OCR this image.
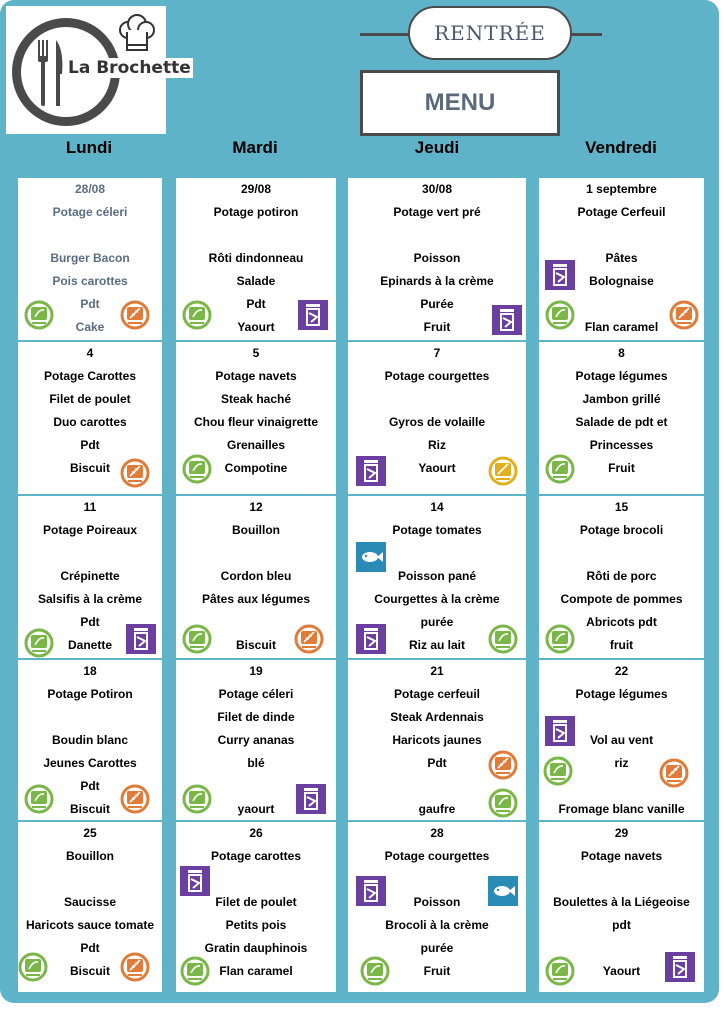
La Brochette
RENTRÉE
MENU
Lundi	Mardi	Jeudi	Vendredi
28/08
Potage céleri
Burger Bacon
Pois carottes
Pdt
Cake
29/08
Potage potiron
Rôti dindonneau
Salade
Pdt
Yaourt
30/08
Potage vert pré
Poisson
Epinards à la crème
Purée
Fruit
1 septembre
Potage Cerfeuil
Pâtes
Bolognaise
Flan caramel
4
Potage Carottes
Filet de poulet
Duo carottes
Pdt
Biscuit
5
Potage navets
Steak haché
Chou fleur vinaigrette
Grenailles
Compotine
7
Potage courgettes
Gyros de volaille
Riz
Yaourt
8
Potage légumes
Jambon grillé
Salade de pdt et
Princesses
Fruit
11
Potage Poireaux
Crépinette
Salsifis à la crème
Pdt
Danette
12
Bouillon
Cordon bleu
Pâtes aux légumes
Biscuit
14
Potage tomates
Poisson pané
Courgettes à la crème
purée
Riz au lait
15
Potage brocoli
Rôti de porc
Compote de pommes
Abricots pdt
fruit
18
Potage Potiron
Boudin blanc
Jeunes Carottes
Pdt
Biscuit
19
Potage céleri
Filet de dinde
Curry ananas
blé
yaourt
21
Potage cerfeuil
Steak Ardennais
Haricots jaunes
Pdt
gaufre
22
Potage légumes
Vol au vent
riz
Fromage blanc vanille
25
Bouillon
Saucisse
Haricots sauce tomate
Pdt
Biscuit
26
Potage carottes
Filet de poulet
Petits pois
Gratin dauphinois
Flan caramel
28
Potage courgettes
Poisson
Brocoli à la crème
purée
Fruit
29
Potage navets
Boulettes à la Liégeoise
pdt
Yaourt
